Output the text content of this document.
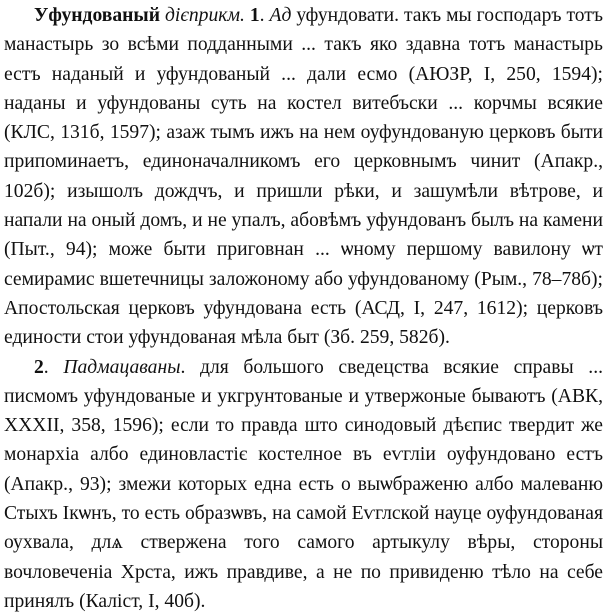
Уфундованый дієприкм. 1. Ад уфундовати. такъ мы господаръ тотъ манастырь зо всѣми подданными ... такъ яко здавна тотъ манастырь естъ наданый и уфундованый ... дали есмо (АЮЗР, І, 250, 1594); наданы и уфундованы суть на костел витебъски ... корчмы всякие (КЛС, 131б, 1597); азаж тымъ ижъ на нем оуфундованую церковъ быти припоминаетъ, единоначалникомъ его церковнымъ чинит (Апакр., 102б); изышолъ дождчъ, и пришли рѣки, и зашумѣли вѣтрове, и напали на оный домъ, и не упалъ, абовѣмъ уфундованъ былъ на камени (Пыт., 94); може быти приговнан ... ѡному першому вавилону ѡт семирамис вшетечницы заложоному або уфундованому (Рым., 78–78б); Апостольская церковъ уфундована есть (АСД, І, 247, 1612); церковъ единости стои уфундованая мѣла быт (Зб. 259, 582б).

2. Падмацаваны. для большого сведецства всякие справы ... писмомъ уфундованые и укгрунтованые и утвержоныe бываютъ (АВК, XXXII, 358, 1596); если то правда што синодовый дѣєпис твердит же монархіа албо единовластіє костелное въ еѵгліи оуфундовано естъ (Апакр., 93); змежи которых една есть о выѡбраженю албо малеваню Стыхъ Ікѡнъ, то есть образѡвъ, на самой Еѵглской науце оуфундованая оухвала, длѧ ствержена того самого артыкулу вѣры, стороны вочловеченіа Хрста, ижъ правдиве, а не по привиденю тѣло на себе принялъ (Каліст, І, 40б).
